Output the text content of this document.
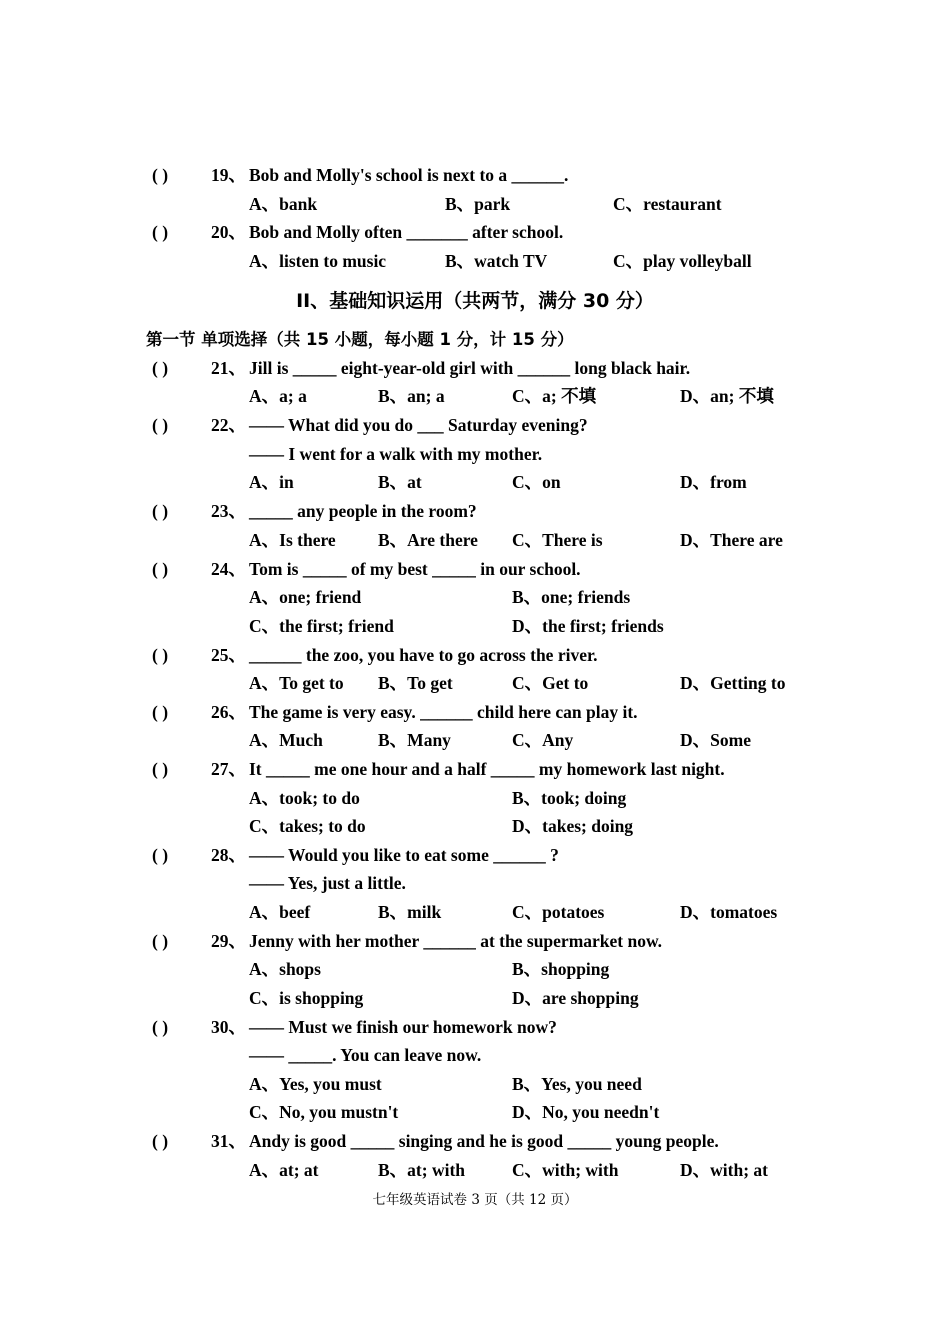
( ) 19、 Bob and Molly's school is next to a ______.
A、bank	B、park	C、restaurant
( ) 20、 Bob and Molly often _______ after school.
A、listen to music	B、watch TV	C、play volleyball
II、基础知识运用（共两节，满分 30 分）
第一节 单项选择（共 15 小题，每小题 1 分，计 15 分）
( ) 21、 Jill is _____ eight-year-old girl with ______ long black hair.
A、a; a	B、an; a	C、a; 不填	D、an; 不填
( ) 22、 —— What did you do ___ Saturday evening?
—— I went for a walk with my mother.
A、in	B、at	C、on	D、from
( ) 23、 _____ any people in the room?
A、Is there B、Are there C、There is	D、There are
( ) 24、 Tom is _____ of my best _____ in our school.
A、one; friend	B、one; friends
C、the first; friend	D、the first; friends
( ) 25、 ______ the zoo, you have to go across the river.
A、To get to B、To get	C、Get to	D、Getting to
( ) 26、 The game is very easy. ______ child here can play it.
A、Much	B、Many	C、Any	D、Some
( ) 27、 It _____ me one hour and a half _____ my homework last night.
A、took; to do	B、took; doing
C、takes; to do	D、takes; doing
( ) 28、 —— Would you like to eat some ______ ?
—— Yes, just a little.
A、beef	B、milk	C、potatoes	D、tomatoes
( ) 29、 Jenny with her mother ______ at the supermarket now.
A、shops	B、shopping
C、is shopping	D、are shopping
( ) 30、 —— Must we finish our homework now?
—— _____. You can leave now.
A、Yes, you must	B、Yes, you need
C、No, you mustn't	D、No, you needn't
( ) 31、 Andy is good _____ singing and he is good _____ young people.
A、at; at	B、at; with	C、with; with	D、with; at
七年级英语试卷 3 页（共 12 页）
